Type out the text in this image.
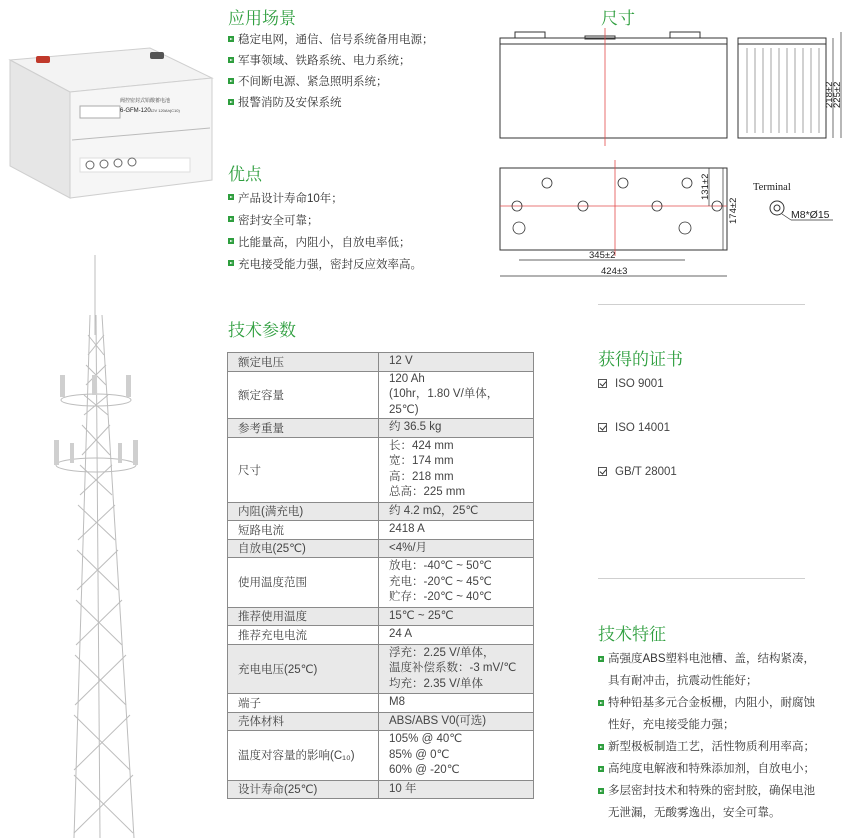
阀控密封式铅酸蓄电池
6-GFM-120 12V 120Ah(C10)
应用场景
稳定电网，通信、信号系统备用电源；
军事领域、铁路系统、电力系统；
不间断电源、紧急照明系统；
报警消防及安保系统
优点
产品设计寿命10年；
密封安全可靠；
比能量高，内阻小，自放电率低；
充电接受能力强，密封反应效率高。
尺寸
218±2
225±2
131±2
174±2
345±2
424±3
Terminal
M8*Ø15
技术参数
额定电压	12 V

额定容量	120 Ah
(10hr，1.80 V/单体，25℃)

参考重量	约 36.5 kg

尺寸	长：424 mm
宽：174 mm
高：218 mm
总高：225 mm

内阻(满充电)	约 4.2 mΩ，25℃

短路电流	2418 A

自放电(25℃)	<4%/月

使用温度范围	放电：-40℃ ~ 50℃
充电：-20℃ ~ 45℃
贮存：-20℃ ~ 40℃

推荐使用温度	15℃ ~ 25℃

推荐充电电流	24 A

充电电压(25℃)	浮充：2.25 V/单体，
温度补偿系数：-3 mV/℃
均充：2.35 V/单体

端子	M8

壳体材料	ABS/ABS V0(可选)

温度对容量的影响(C₁₀)	105% @ 40℃
85% @ 0℃
60% @ -20℃

设计寿命(25℃)	10 年
获得的证书
ISO 9001
ISO 14001
GB/T 28001
技术特征
高强度ABS塑料电池槽、盖，结构紧凑，
具有耐冲击，抗震动性能好；
特种铅基多元合金板栅，内阻小，耐腐蚀
性好，充电接受能力强；
新型极板制造工艺，活性物质利用率高；
高纯度电解液和特殊添加剂，自放电小；
多层密封技术和特殊的密封胶，确保电池
无泄漏，无酸雾逸出，安全可靠。
